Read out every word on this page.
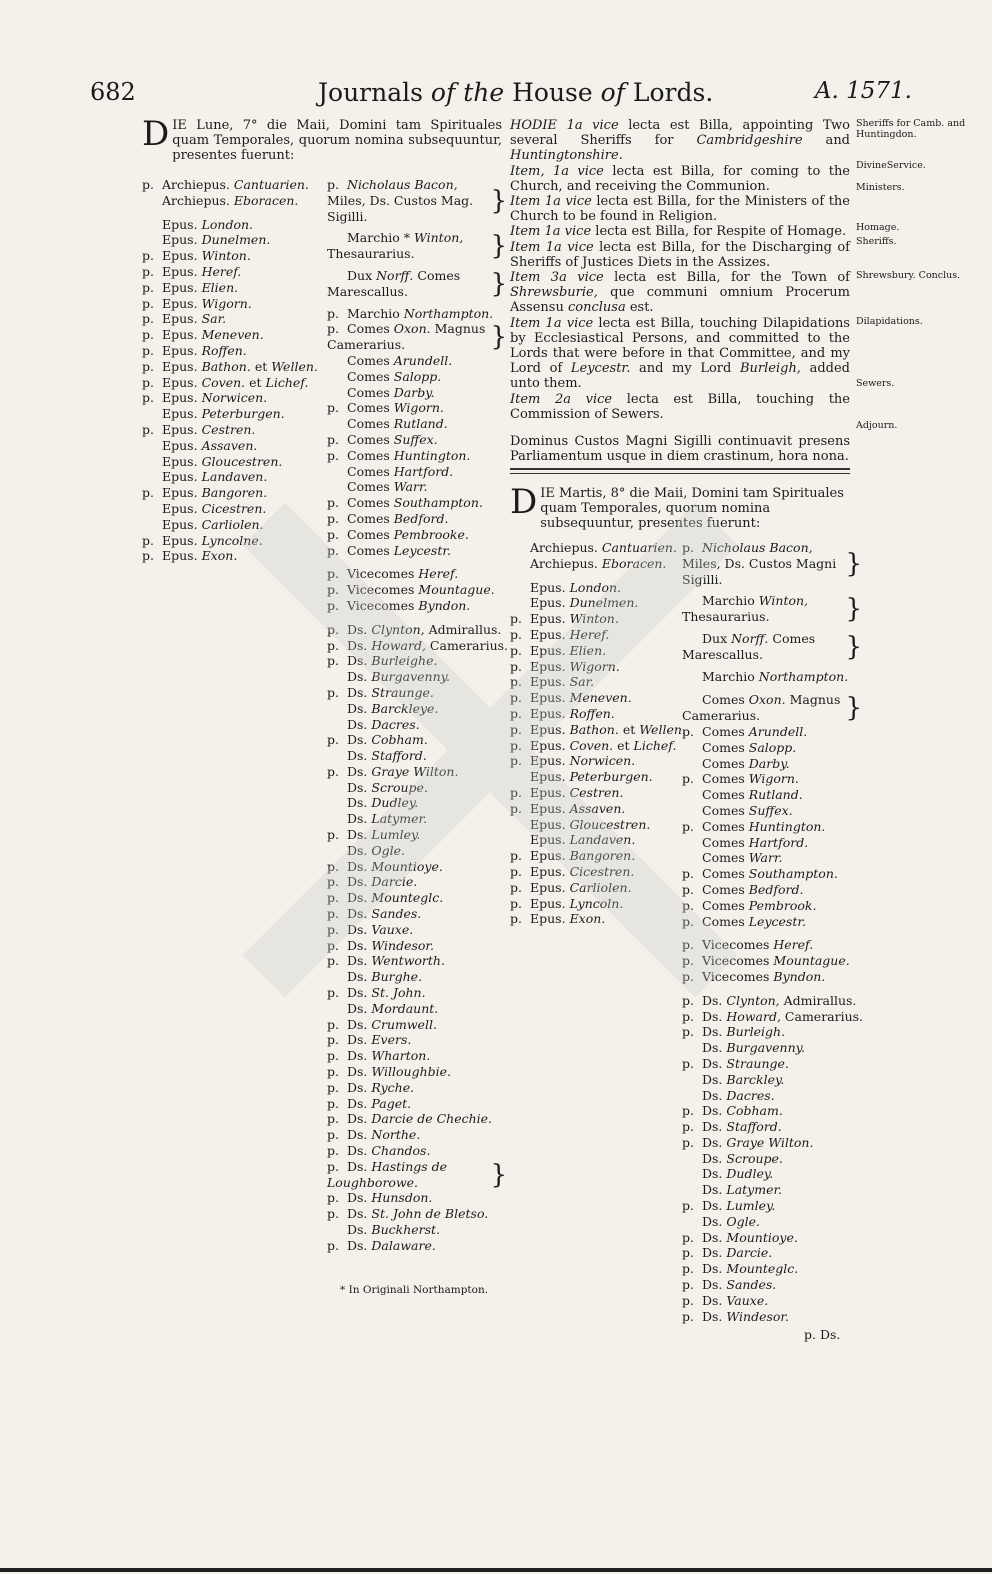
682	Journals of the House of Lords.	A. 1571.
D IE Lune, 7° die Maii, Domini tam Spirituales quam Temporales, quorum nomina subsequuntur, presentes fuerunt:
p. Archiepus. Cantuarien.
Archiepus. Eboracen.
Epus. London.
Epus. Dunelmen.
p. Epus. Winton.
p. Epus. Heref.
p. Epus. Elien.
p. Epus. Wigorn.
p. Epus. Sar.
p. Epus. Meneven.
p. Epus. Roffen.
p. Epus. Bathon. et Wellen.
p. Epus. Coven. et Lichef.
p. Epus. Norwicen.
Epus. Peterburgen.
p. Epus. Cestren.
Epus. Assaven.
Epus. Gloucestren.
Epus. Landaven.
p. Epus. Bangoren.
Epus. Cicestren.
Epus. Carliolen.
p. Epus. Lyncolne.
p. Epus. Exon.
p. Nicholaus Bacon, Miles, Ds. Custos Mag. Sigilli. }
Marchio * Winton, Thesaurarius. }
Dux Norff. Comes Marescallus. }
p. Marchio Northampton.
p. Comes Oxon. Magnus Camerarius. }
Comes Arundell.
Comes Salopp.
Comes Darby.
p. Comes Wigorn.
Comes Rutland.
p. Comes Suffex.
p. Comes Huntington.
Comes Hartford.
Comes Warr.
p. Comes Southampton.
p. Comes Bedford.
p. Comes Pembrooke.
p. Comes Leycestr.
p. Vicecomes Heref.
p. Vicecomes Mountague.
p. Vicecomes Byndon.
p. Ds. Clynton, Admirallus.
p. Ds. Howard, Camerarius.
p. Ds. Burleighe.
Ds. Burgavenny.
p. Ds. Straunge.
Ds. Barckleye.
Ds. Dacres.
p. Ds. Cobham.
Ds. Stafford.
p. Ds. Graye Wilton.
Ds. Scroupe.
Ds. Dudley.
Ds. Latymer.
p. Ds. Lumley.
Ds. Ogle.
p. Ds. Mountioye.
p. Ds. Darcie.
p. Ds. Mounteglc.
p. Ds. Sandes.
p. Ds. Vauxe.
p. Ds. Windesor.
p. Ds. Wentworth.
Ds. Burghe.
p. Ds. St. John.
Ds. Mordaunt.
p. Ds. Crumwell.
p. Ds. Evers.
p. Ds. Wharton.
p. Ds. Willoughbie.
p. Ds. Ryche.
p. Ds. Paget.
p. Ds. Darcie de Chechie.
p. Ds. Northe.
p. Ds. Chandos.
p. Ds. Hastings de Loughborowe. }
p. Ds. Hunsdon.
p. Ds. St. John de Bletso.
Ds. Buckherst.
p. Ds. Dalaware.
* In Originali Northampton.
HODIE 1a vice lecta est Billa, appointing Two several Sheriffs for Cambridgeshire and Huntingtonshire.
Item, 1a vice lecta est Billa, for coming to the Church, and receiving the Communion.
Item 1a vice lecta est Billa, for the Ministers of the Church to be found in Religion.
Item 1a vice lecta est Billa, for Respite of Homage.
Item 1a vice lecta est Billa, for the Discharging of Sheriffs of Justices Diets in the Assizes.
Item 3a vice lecta est Billa, for the Town of Shrewsburie, que communi omnium Procerum Assensu conclusa est.
Item 1a vice lecta est Billa, touching Dilapidations by Ecclesiastical Persons, and committed to the Lords that were before in that Committee, and my Lord of Leycestr. and my Lord Burleigh, added unto them.
Item 2a vice lecta est Billa, touching the Commission of Sewers.
Dominus Custos Magni Sigilli continuavit presens Parliamentum usque in diem crastinum, hora nona.
Sheriffs for Camb. and Huntingdon.
DivineService.
Ministers.
Homage.
Sheriffs.
Shrewsbury. Conclus.
Dilapidations.
Sewers.
Adjourn.
D IE Martis, 8° die Maii, Domini tam Spirituales quam Temporales, quorum nomina subsequuntur, presentes fuerunt:
Archiepus. Cantuarien.
Archiepus. Eboracen.
Epus. London.
Epus. Dunelmen.
p. Epus. Winton.
p. Epus. Heref.
p. Epus. Elien.
p. Epus. Wigorn.
p. Epus. Sar.
p. Epus. Meneven.
p. Epus. Roffen.
p. Epus. Bathon. et Wellen.
p. Epus. Coven. et Lichef.
p. Epus. Norwicen.
Epus. Peterburgen.
p. Epus. Cestren.
p. Epus. Assaven.
Epus. Gloucestren.
Epus. Landaven.
p. Epus. Bangoren.
p. Epus. Cicestren.
p. Epus. Carliolen.
p. Epus. Lyncoln.
p. Epus. Exon.
p. Nicholaus Bacon, Miles, Ds. Custos Magni Sigilli. }
Marchio Winton, Thesaurarius. }
Dux Norff. Comes Marescallus. }
Marchio Northampton.
Comes Oxon. Magnus Camerarius. }
p. Comes Arundell.
Comes Salopp.
Comes Darby.
p. Comes Wigorn.
Comes Rutland.
Comes Suffex.
p. Comes Huntington.
Comes Hartford.
Comes Warr.
p. Comes Southampton.
p. Comes Bedford.
p. Comes Pembrook.
p. Comes Leycestr.
p. Vicecomes Heref.
p. Vicecomes Mountague.
p. Vicecomes Byndon.
p. Ds. Clynton, Admirallus.
p. Ds. Howard, Camerarius.
p. Ds. Burleigh.
Ds. Burgavenny.
p. Ds. Straunge.
Ds. Barckley.
Ds. Dacres.
p. Ds. Cobham.
p. Ds. Stafford.
p. Ds. Graye Wilton.
Ds. Scroupe.
Ds. Dudley.
Ds. Latymer.
p. Ds. Lumley.
Ds. Ogle.
p. Ds. Mountioye.
p. Ds. Darcie.
p. Ds. Mounteglc.
p. Ds. Sandes.
p. Ds. Vauxe.
p. Ds. Windesor.
p. Ds.
